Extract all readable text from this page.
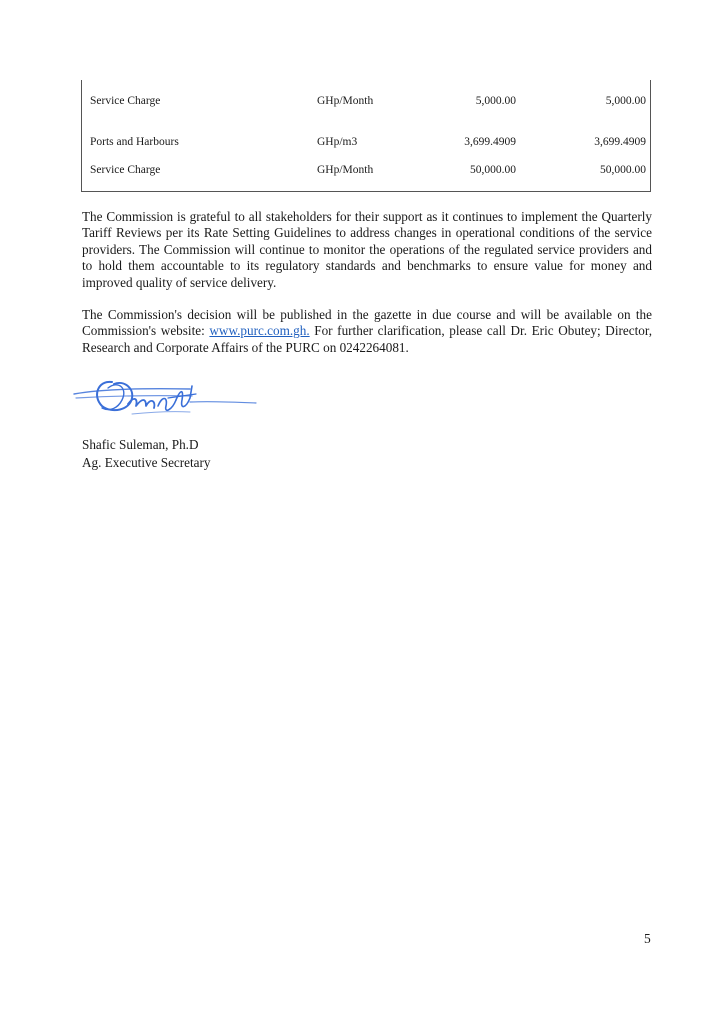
Service Charge	GHp/Month	5,000.00	5,000.00
Ports and Harbours	GHp/m3	3,699.4909	3,699.4909
Service Charge	GHp/Month	50,000.00	50,000.00
The Commission is grateful to all stakeholders for their support as it continues to implement the Quarterly
Tariff Reviews per its Rate Setting Guidelines to address changes in operational conditions of the service
providers. The Commission will continue to monitor the operations of the regulated service providers and
to hold them accountable to its regulatory standards and benchmarks to ensure value for money and
improved quality of service delivery.
The Commission's decision will be published in the gazette in due course and will be available on the
Commission's website: www.purc.com.gh. For further clarification, please call Dr. Eric Obutey; Director,
Research and Corporate Affairs of the PURC on 0242264081.
Shafic Suleman, Ph.D
Ag. Executive Secretary
5
